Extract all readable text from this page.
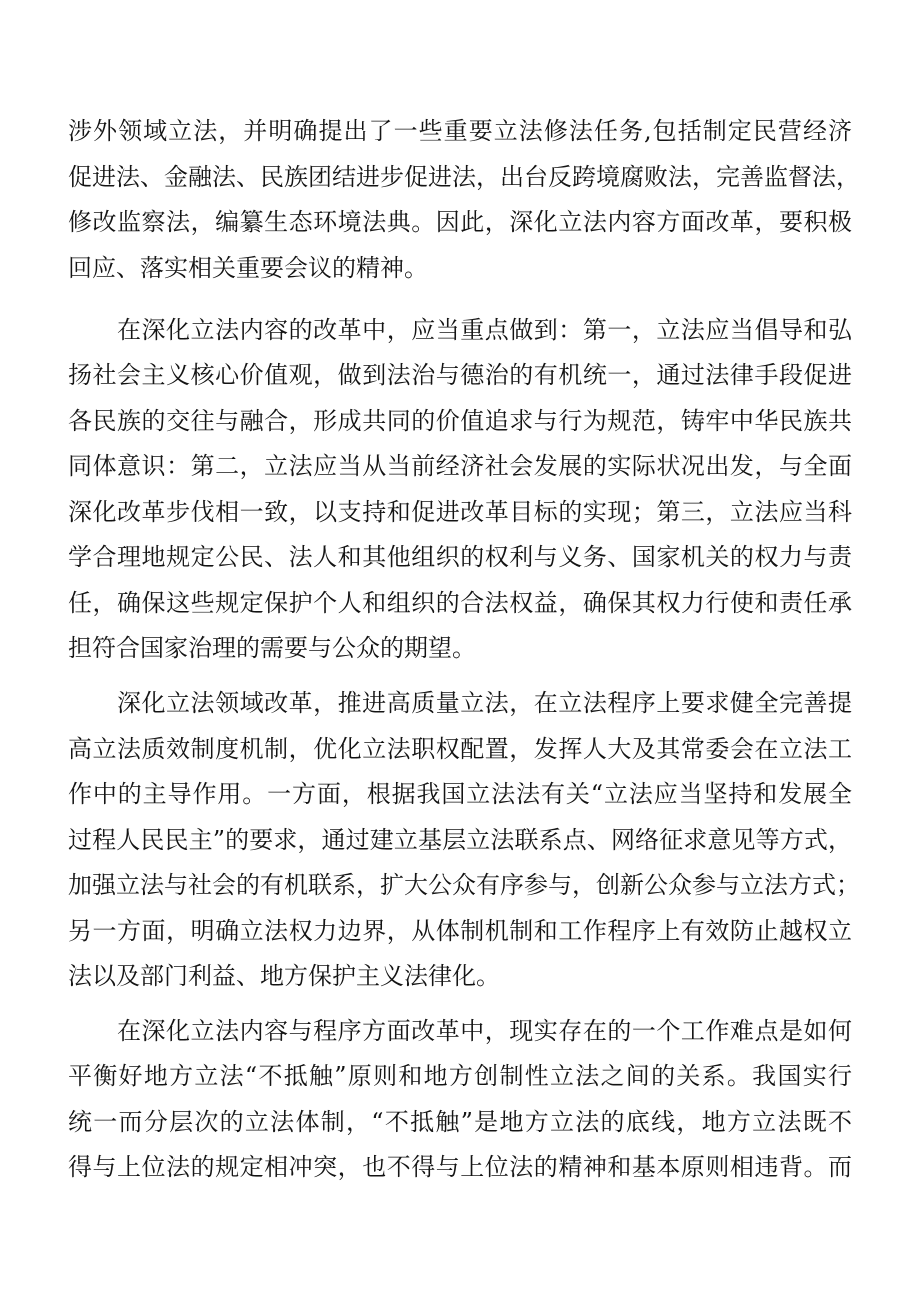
涉外领域立法，并明确提出了一些重要立法修法任务,包括制定民营经济
促进法、金融法、民族团结进步促进法，出台反跨境腐败法，完善监督法，
修改监察法，编纂生态环境法典。因此，深化立法内容方面改革，要积极
回应、落实相关重要会议的精神。
在深化立法内容的改革中，应当重点做到：第一，立法应当倡导和弘
扬社会主义核心价值观，做到法治与德治的有机统一，通过法律手段促进
各民族的交往与融合，形成共同的价值追求与行为规范，铸牢中华民族共
同体意识：第二，立法应当从当前经济社会发展的实际状况出发，与全面
深化改革步伐相一致，以支持和促进改革目标的实现；第三，立法应当科
学合理地规定公民、法人和其他组织的权利与义务、国家机关的权力与责
任，确保这些规定保护个人和组织的合法权益，确保其权力行使和责任承
担符合国家治理的需要与公众的期望。
深化立法领域改革，推进高质量立法，在立法程序上要求健全完善提
高立法质效制度机制，优化立法职权配置，发挥人大及其常委会在立法工
作中的主导作用。一方面，根据我国立法法有关“立法应当坚持和发展全
过程人民民主”的要求，通过建立基层立法联系点、网络征求意见等方式，
加强立法与社会的有机联系，扩大公众有序参与，创新公众参与立法方式；
另一方面，明确立法权力边界，从体制机制和工作程序上有效防止越权立
法以及部门利益、地方保护主义法律化。
在深化立法内容与程序方面改革中，现实存在的一个工作难点是如何
平衡好地方立法“不抵触”原则和地方创制性立法之间的关系。我国实行
统一而分层次的立法体制，“不抵触”是地方立法的底线，地方立法既不
得与上位法的规定相冲突，也不得与上位法的精神和基本原则相违背。而
